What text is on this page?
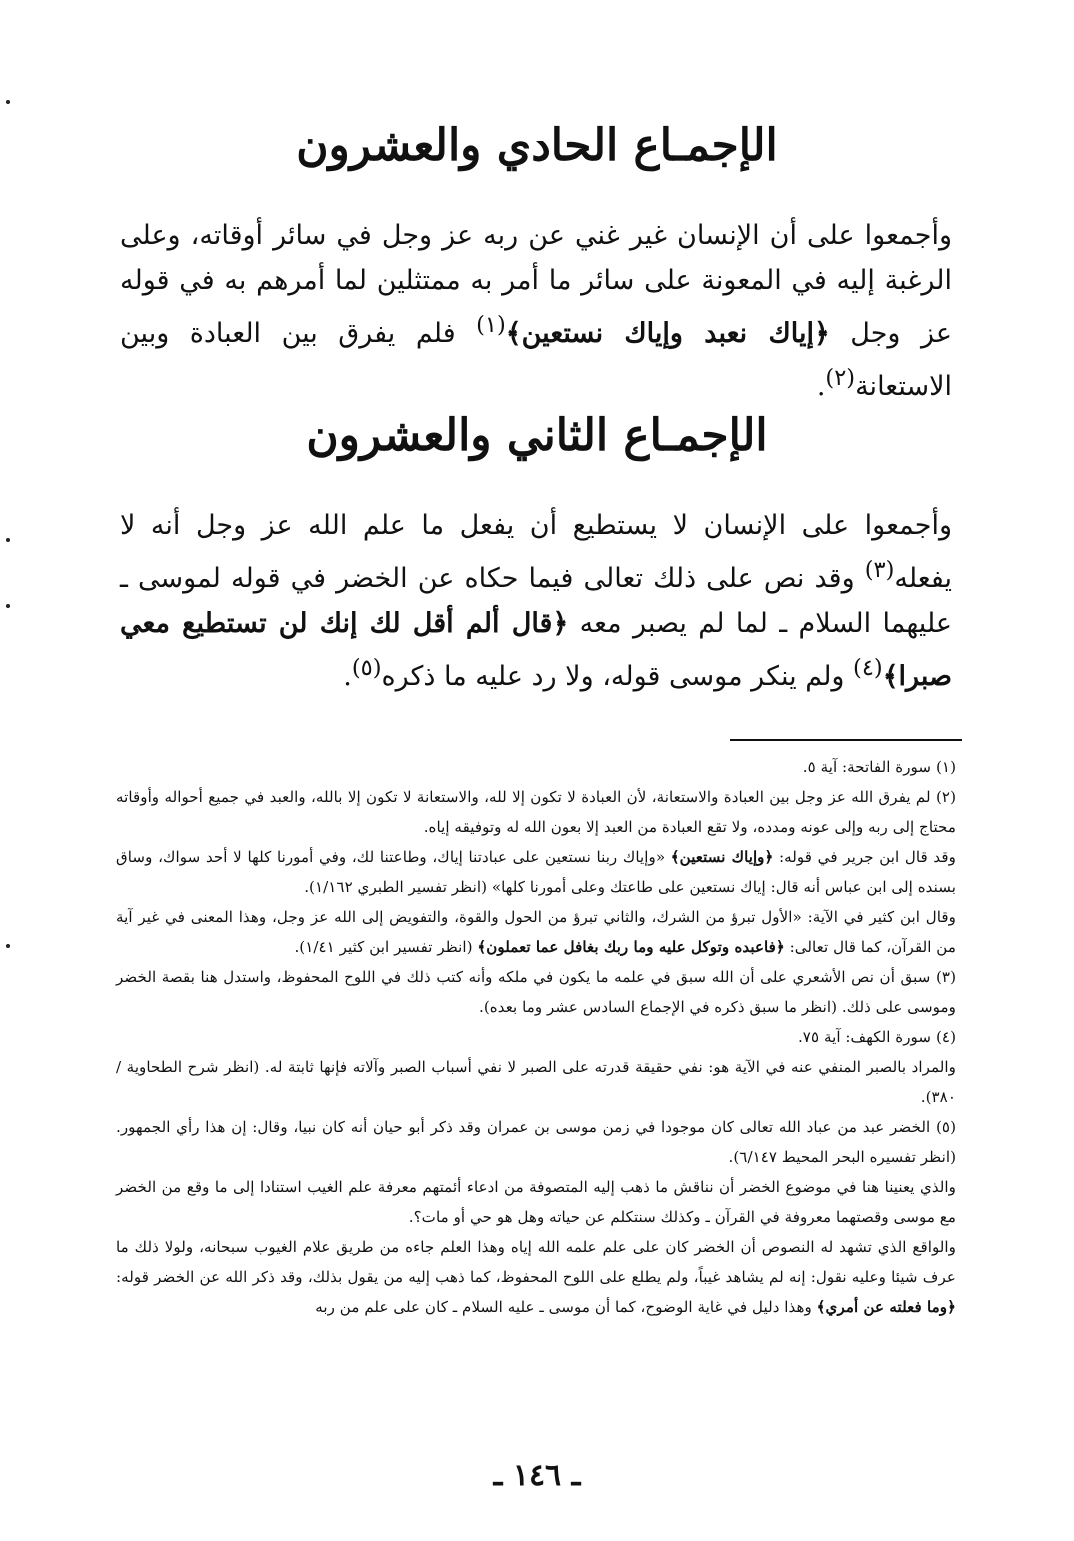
الإجمـاع الحادي والعشرون

وأجمعوا على أن الإنسان غير غني عن ربه عز وجل في سائر أوقاته، وعلى الرغبة إليه في المعونة على سائر ما أمر به ممتثلين لما أمرهم به في قوله عز وجل ﴿إياك نعبد وإياك نستعين﴾$^{(١)}$ فلم يفرق بين العبادة وبين الاستعانة$^{(٢)}$.

الإجمـاع الثاني والعشرون

وأجمعوا على الإنسان لا يستطيع أن يفعل ما علم الله عز وجل أنه لا يفعله$^{(٣)}$ وقد نص على ذلك تعالى فيما حكاه عن الخضر في قوله لموسى ـ عليهما السلام ـ لما لم يصبر معه ﴿قال ألم أقل لك إنك لن تستطيع معي صبرا﴾$^{(٤)}$ ولم ينكر موسى قوله، ولا رد عليه ما ذكره$^{(٥)}$.

(١) سورة الفاتحة: آية ٥.

(٢) لم يفرق الله عز وجل بين العبادة والاستعانة، لأن العبادة لا تكون إلا لله، والاستعانة لا تكون إلا بالله، والعبد في جميع أحواله وأوقاته محتاج إلى ربه وإلى عونه ومدده، ولا تقع العبادة من العبد إلا بعون الله له وتوفيقه إياه.

وقد قال ابن جرير في قوله: ﴿وإياك نستعين﴾ «وإياك ربنا نستعين على عبادتنا إياك، وطاعتنا لك، وفي أمورنا كلها لا أحد سواك، وساق بسنده إلى ابن عباس أنه قال: إياك نستعين على طاعتك وعلى أمورنا كلها» (انظر تفسير الطبري ١/١٦٢).

وقال ابن كثير في الآية: «الأول تبرؤ من الشرك، والثاني تبرؤ من الحول والقوة، والتفويض إلى الله عز وجل، وهذا المعنى في غير آية من القرآن، كما قال تعالى: ﴿فاعبده وتوكل عليه وما ربك بغافل عما تعملون﴾ (انظر تفسير ابن كثير ١/٤١).

(٣) سبق أن نص الأشعري على أن الله سبق في علمه ما يكون في ملكه وأنه كتب ذلك في اللوح المحفوظ، واستدل هنا بقصة الخضر وموسى على ذلك. (انظر ما سبق ذكره في الإجماع السادس عشر وما بعده).

(٤) سورة الكهف: آية ٧٥.

والمراد بالصبر المنفي عنه في الآية هو: نفي حقيقة قدرته على الصبر لا نفي أسباب الصبر وآلاته فإنها ثابتة له. (انظر شرح الطحاوية /٣٨٠).

(٥) الخضر عبد من عباد الله تعالى كان موجودا في زمن موسى بن عمران وقد ذكر أبو حيان أنه كان نبيا، وقال: إن هذا رأي الجمهور. (انظر تفسيره البحر المحيط ٦/١٤٧).

والذي يعنينا هنا في موضوع الخضر أن نناقش ما ذهب إليه المتصوفة من ادعاء أئمتهم معرفة علم الغيب استنادا إلى ما وقع من الخضر مع موسى وقصتهما معروفة في القرآن ـ وكذلك سنتكلم عن حياته وهل هو حي أو مات؟.

والواقع الذي تشهد له النصوص أن الخضر كان على علم علمه الله إياه وهذا العلم جاءه من طريق علام الغيوب سبحانه، ولولا ذلك ما عرف شيئا وعليه نقول: إنه لم يشاهد غيباً، ولم يطلع على اللوح المحفوظ، كما ذهب إليه من يقول بذلك، وقد ذكر الله عن الخضر قوله: ﴿وما فعلته عن أمري﴾ وهذا دليل في غاية الوضوح، كما أن موسى ـ عليه السلام ـ كان على علم من ربه

ـ ١٤٦ ـ
